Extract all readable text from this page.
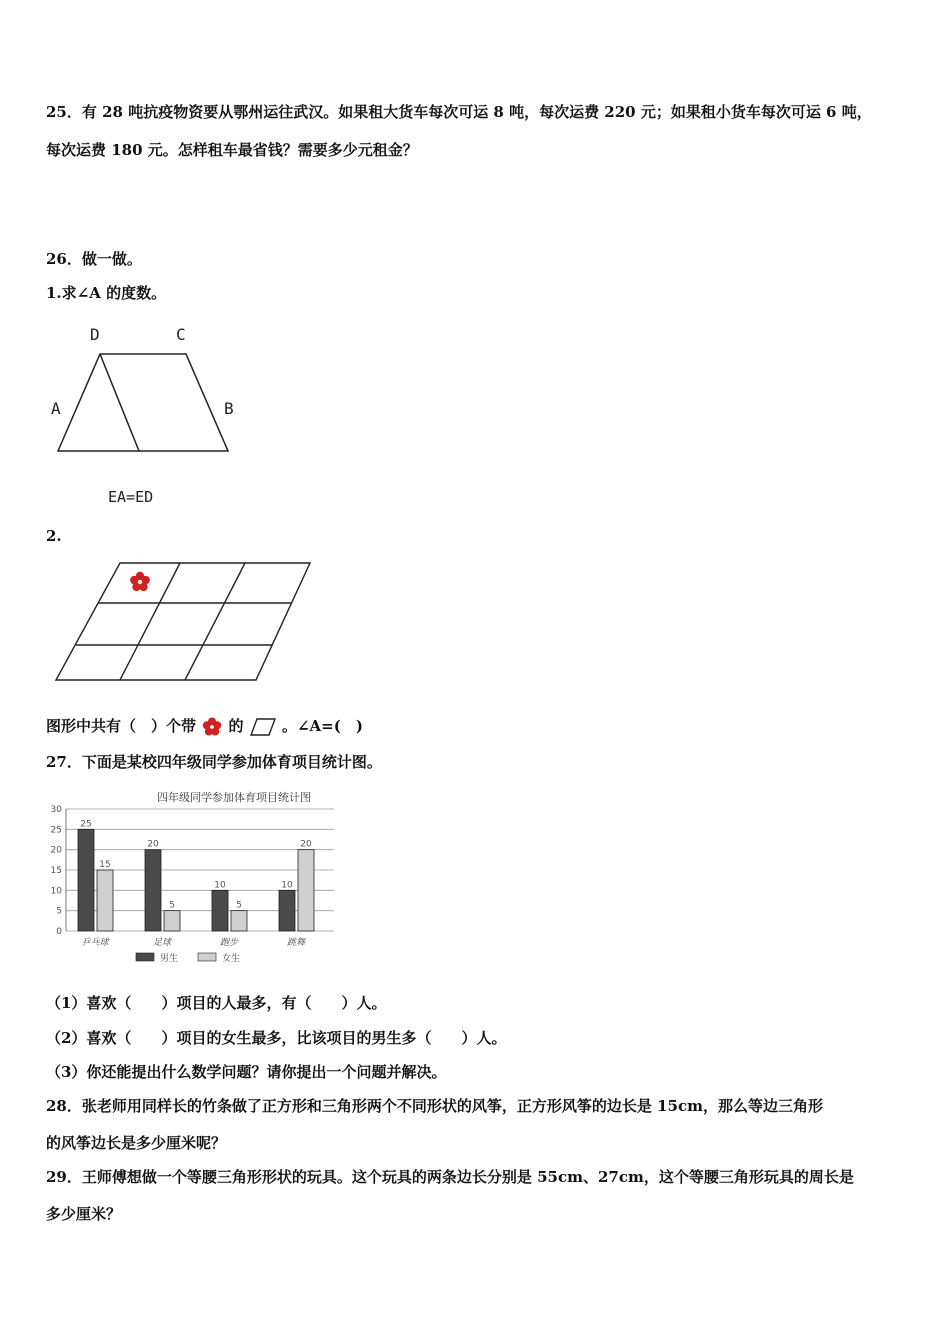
25．有 28 吨抗疫物资要从鄂州运往武汉。如果租大货车每次可运 8 吨，每次运费 220 元；如果租小货车每次可运 6 吨，
每次运费 180 元。怎样租车最省钱？需要多少元租金？
26．做一做。
1.求∠A 的度数。
D	C
A	B
EA=ED
2.
图形中共有（　）个带 的	。∠A=(　)
27．下面是某校四年级同学参加体育项目统计图。
四年级同学参加体育项目统计图
0
5
10
15
20
25
30
25
15
乒乓球
20
5
足球
10
5
跑步
10
20
跳舞
男生	女生
（1）喜欢（　　）项目的人最多，有（　　）人。
（2）喜欢（　　）项目的女生最多，比该项目的男生多（　　）人。
（3）你还能提出什么数学问题？请你提出一个问题并解决。
28．张老师用同样长的竹条做了正方形和三角形两个不同形状的风筝，正方形风筝的边长是 15cm，那么等边三角形
的风筝边长是多少厘米呢？
29．王师傅想做一个等腰三角形形状的玩具。这个玩具的两条边长分别是 55cm、27cm，这个等腰三角形玩具的周长是
多少厘米？
